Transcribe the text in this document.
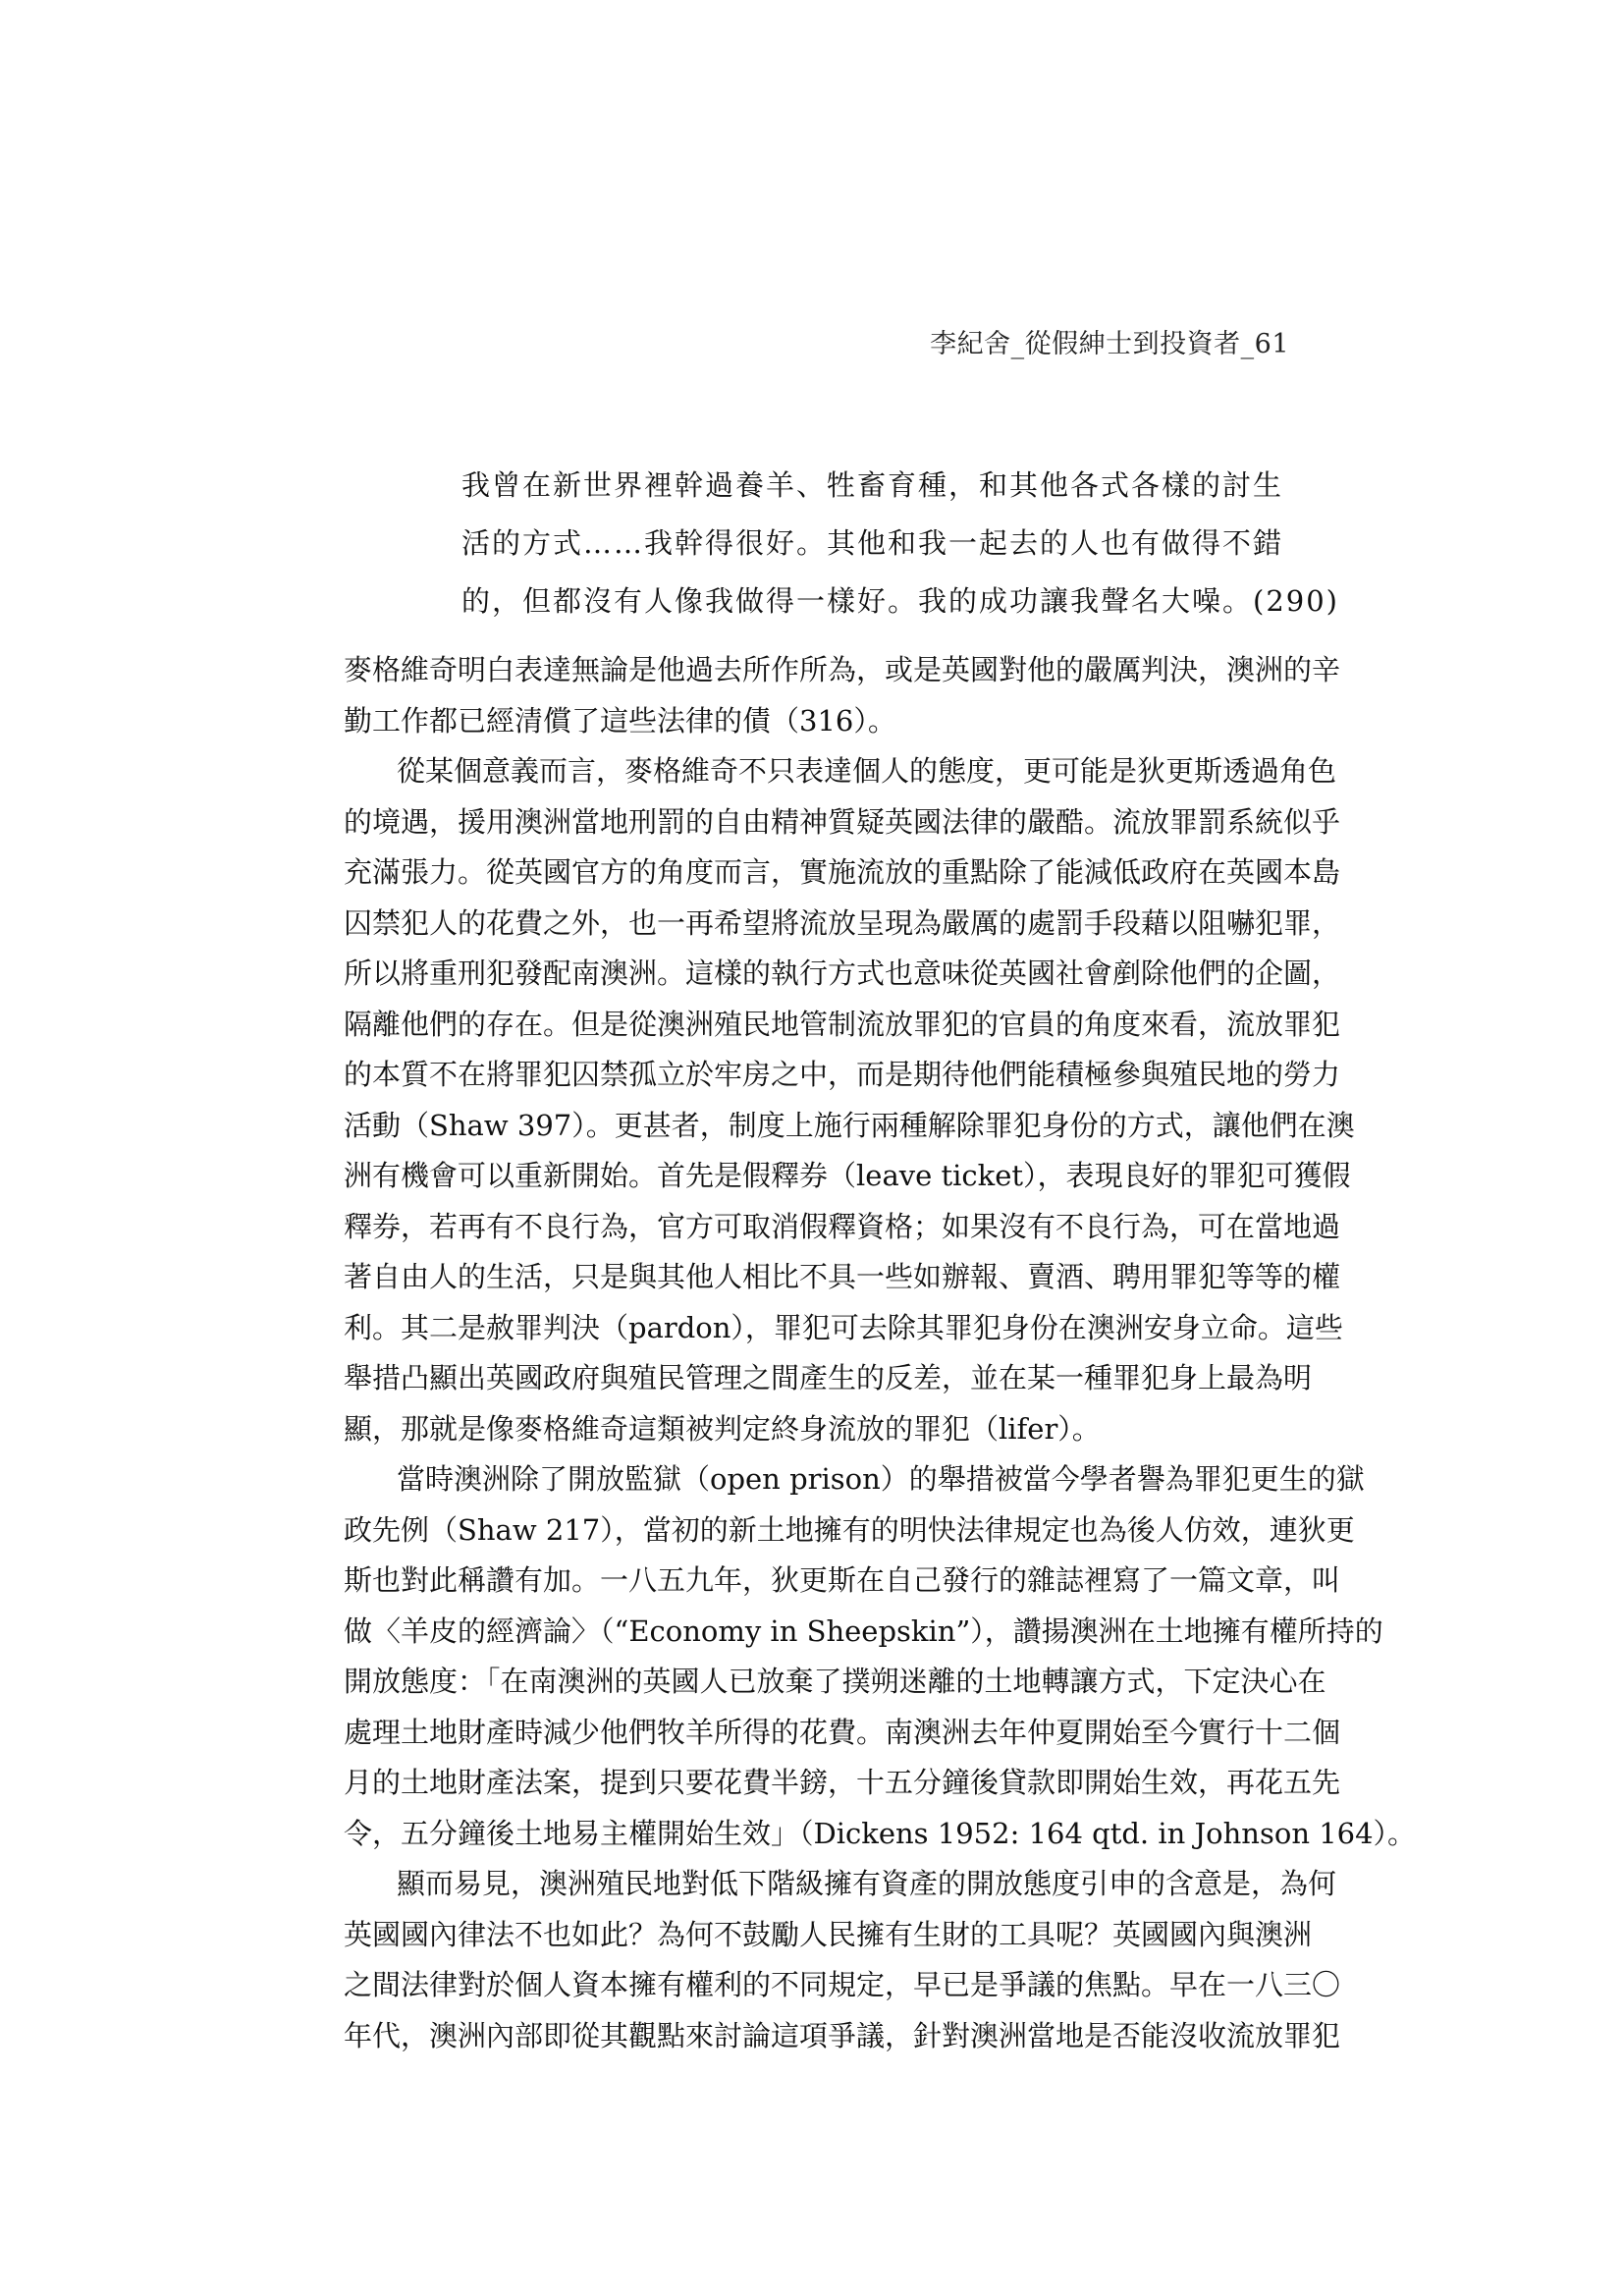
李紀舍_從假紳士到投資者_61
我曾在新世界裡幹過養羊、牲畜育種，和其他各式各樣的討生
活的方式……我幹得很好。其他和我一起去的人也有做得不錯
的，但都沒有人像我做得一樣好。我的成功讓我聲名大噪。(290)
麥格維奇明白表達無論是他過去所作所為，或是英國對他的嚴厲判決，澳洲的辛
勤工作都已經清償了這些法律的債（316）。
從某個意義而言，麥格維奇不只表達個人的態度，更可能是狄更斯透過角色
的境遇，援用澳洲當地刑罰的自由精神質疑英國法律的嚴酷。流放罪罰系統似乎
充滿張力。從英國官方的角度而言，實施流放的重點除了能減低政府在英國本島
囚禁犯人的花費之外，也一再希望將流放呈現為嚴厲的處罰手段藉以阻嚇犯罪，
所以將重刑犯發配南澳洲。這樣的執行方式也意味從英國社會剷除他們的企圖，
隔離他們的存在。但是從澳洲殖民地管制流放罪犯的官員的角度來看，流放罪犯
的本質不在將罪犯囚禁孤立於牢房之中，而是期待他們能積極參與殖民地的勞力
活動（Shaw 397）。更甚者，制度上施行兩種解除罪犯身份的方式，讓他們在澳
洲有機會可以重新開始。首先是假釋券（leave ticket），表現良好的罪犯可獲假
釋券，若再有不良行為，官方可取消假釋資格；如果沒有不良行為，可在當地過
著自由人的生活，只是與其他人相比不具一些如辦報、賣酒、聘用罪犯等等的權
利。其二是赦罪判決（pardon），罪犯可去除其罪犯身份在澳洲安身立命。這些
舉措凸顯出英國政府與殖民管理之間產生的反差，並在某一種罪犯身上最為明
顯，那就是像麥格維奇這類被判定終身流放的罪犯（lifer）。
當時澳洲除了開放監獄（open prison）的舉措被當今學者譽為罪犯更生的獄
政先例（Shaw 217），當初的新土地擁有的明快法律規定也為後人仿效，連狄更
斯也對此稱讚有加。一八五九年，狄更斯在自己發行的雜誌裡寫了一篇文章，叫
做〈羊皮的經濟論〉（“Economy in Sheepskin”），讚揚澳洲在土地擁有權所持的
開放態度：「在南澳洲的英國人已放棄了撲朔迷離的土地轉讓方式，下定決心在
處理土地財產時減少他們牧羊所得的花費。南澳洲去年仲夏開始至今實行十二個
月的土地財產法案，提到只要花費半鎊，十五分鐘後貸款即開始生效，再花五先
令，五分鐘後土地易主權開始生效」（Dickens 1952: 164 qtd. in Johnson 164）。
顯而易見，澳洲殖民地對低下階級擁有資產的開放態度引申的含意是，為何
英國國內律法不也如此？為何不鼓勵人民擁有生財的工具呢？英國國內與澳洲
之間法律對於個人資本擁有權利的不同規定，早已是爭議的焦點。早在一八三〇
年代，澳洲內部即從其觀點來討論這項爭議，針對澳洲當地是否能沒收流放罪犯
